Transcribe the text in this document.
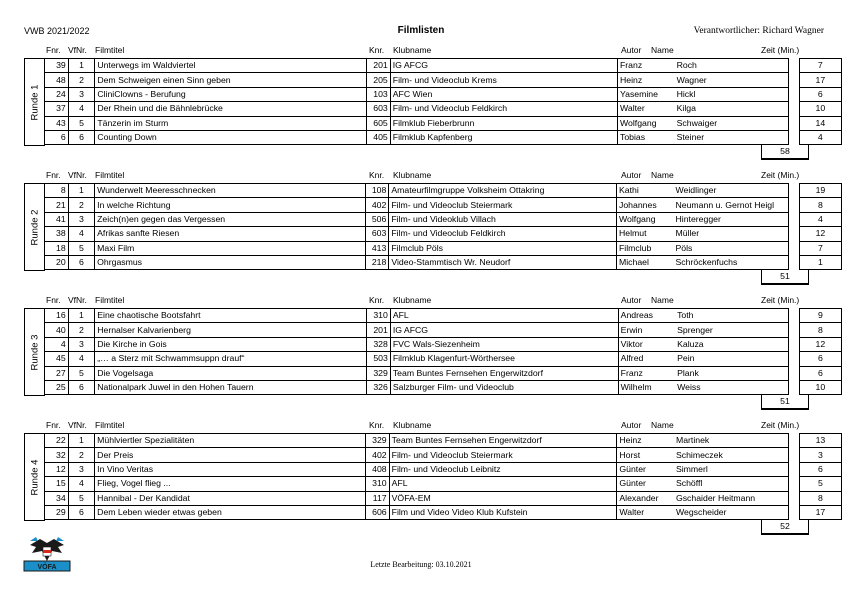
VWB 2021/2022	Filmlisten	Verantwortlicher: Richard Wagner
Fnr. VfNr. Filmtitel	Knr. Klubname	Autor Name	Zeit (Min.)
Runde 1
39	1	Unterwegs im Waldviertel	201	IG AFCG	Franz	Roch		7
48	2	Dem Schweigen einen Sinn geben	205	Film- und Videoclub Krems	Heinz	Wagner		17
24	3	CliniClowns - Berufung	103	AFC Wien	Yasemine	Hickl		6
37	4	Der Rhein und die Bähnlebrücke	603	Film- und Videoclub Feldkirch	Walter	Kilga		10
43	5	Tänzerin im Sturm	605	Filmklub Fieberbrunn	Wolfgang	Schwaiger		14
6	6	Counting Down	405	Filmklub Kapfenberg	Tobias	Steiner		4
58
Fnr. VfNr. Filmtitel	Knr. Klubname	Autor Name	Zeit (Min.)
Runde 2
8	1	Wunderwelt Meeresschnecken	108	Amateurfilmgruppe Volksheim Ottakring	Kathi	Weidlinger		19
21	2	In welche Richtung	402	Film- und Videoclub Steiermark	Johannes	Neumann u. Gernot Heigl		8
41	3	Zeich(n)en gegen das Vergessen	506	Film- und Videoklub Villach	Wolfgang	Hinteregger		4
38	4	Afrikas sanfte Riesen	603	Film- und Videoclub Feldkirch	Helmut	Müller		12
18	5	Maxi Film	413	Filmclub Pöls	Filmclub	Pöls		7
20	6	Ohrgasmus	218	Video-Stammtisch Wr. Neudorf	Michael	Schröckenfuchs		1
51
Fnr. VfNr. Filmtitel	Knr. Klubname	Autor Name	Zeit (Min.)
Runde 3
16	1	Eine chaotische Bootsfahrt	310	AFL	Andreas	Toth		9
40	2	Hernalser Kalvarienberg	201	IG AFCG	Erwin	Sprenger		8
4	3	Die Kirche in Gois	328	FVC Wals-Siezenheim	Viktor	Kaluza		12
45	4	„… a Sterz mit Schwammsuppn drauf“	503	Filmklub Klagenfurt-Wörthersee	Alfred	Pein		6
27	5	Die Vogelsaga	329	Team Buntes Fernsehen Engerwitzdorf	Franz	Plank		6
25	6	Nationalpark Juwel in den Hohen Tauern	326	Salzburger Film- und Videoclub	Wilhelm	Weiss		10
51
Fnr. VfNr. Filmtitel	Knr. Klubname	Autor Name	Zeit (Min.)
Runde 4
22	1	Mühlviertler Spezialitäten	329	Team Buntes Fernsehen Engerwitzdorf	Heinz	Martinek		13
32	2	Der Preis	402	Film- und Videoclub Steiermark	Horst	Schimeczek		3
12	3	In Vino Veritas	408	Film- und Videoclub Leibnitz	Günter	Simmerl		6
15	4	Flieg, Vogel flieg ...	310	AFL	Günter	Schöffl		5
34	5	Hannibal - Der Kandidat	117	VÖFA-EM	Alexander	Gschaider Heitmann		8
29	6	Dem Leben wieder etwas geben	606	Film und Video Video Klub Kufstein	Walter	Wegscheider		17
52
Letzte Bearbeitung: 03.10.2021
VÖFA
